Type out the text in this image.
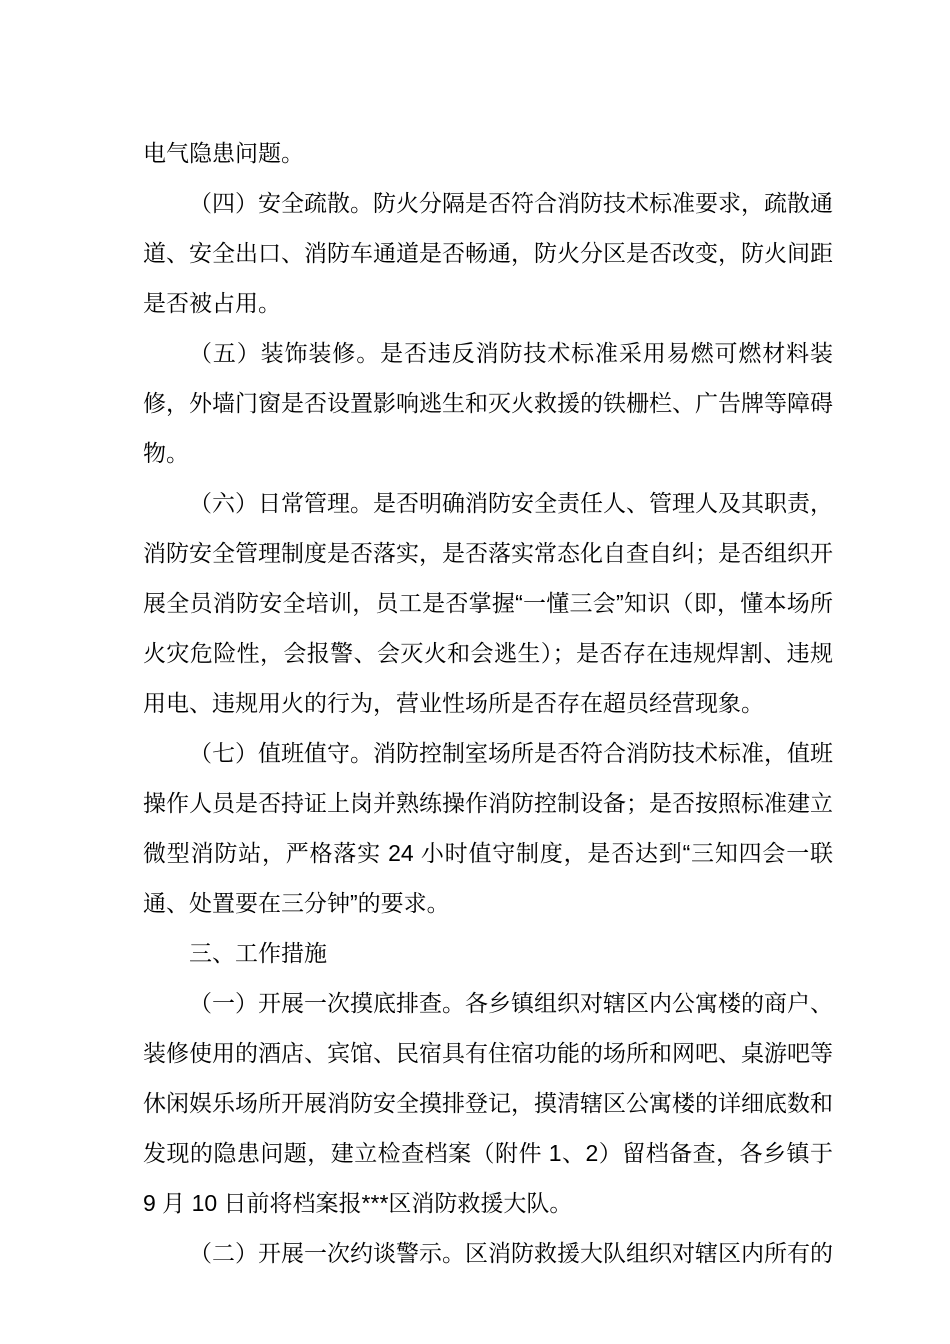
电气隐患问题。

（四）安全疏散。防火分隔是否符合消防技术标准要求，疏散通道、安全出口、消防车通道是否畅通，防火分区是否改变，防火间距是否被占用。

（五）装饰装修。是否违反消防技术标准采用易燃可燃材料装修，外墙门窗是否设置影响逃生和灭火救援的铁栅栏、广告牌等障碍物。

（六）日常管理。是否明确消防安全责任人、管理人及其职责，消防安全管理制度是否落实，是否落实常态化自查自纠；是否组织开展全员消防安全培训，员工是否掌握“一懂三会”知识（即，懂本场所火灾危险性，会报警、会灭火和会逃生）；是否存在违规焊割、违规用电、违规用火的行为，营业性场所是否存在超员经营现象。

（七）值班值守。消防控制室场所是否符合消防技术标准，值班操作人员是否持证上岗并熟练操作消防控制设备；是否按照标准建立微型消防站，严格落实 24 小时值守制度，是否达到“三知四会一联通、处置要在三分钟”的要求。

三、工作措施

（一）开展一次摸底排查。各乡镇组织对辖区内公寓楼的商户、装修使用的酒店、宾馆、民宿具有住宿功能的场所和网吧、桌游吧等休闲娱乐场所开展消防安全摸排登记，摸清辖区公寓楼的详细底数和发现的隐患问题，建立检查档案（附件 1、2）留档备查，各乡镇于 9 月 10 日前将档案报***区消防救援大队。

（二）开展一次约谈警示。区消防救援大队组织对辖区内所有的
